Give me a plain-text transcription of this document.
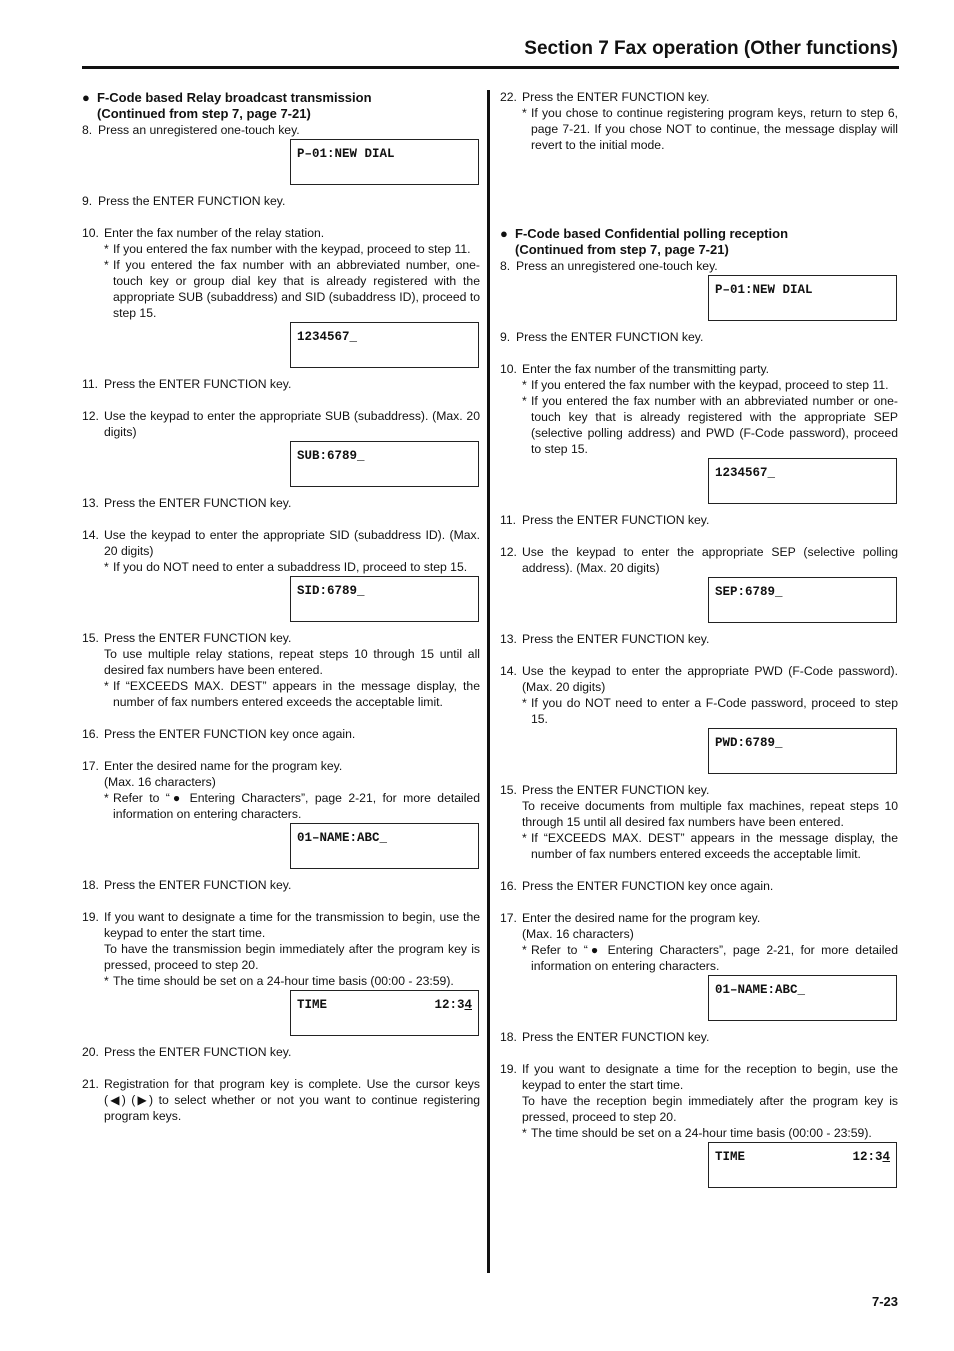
Section 7 Fax operation (Other functions)
● F-Code based Relay broadcast transmission
(Continued from step 7, page 7-21)
8. Press an unregistered one-touch key.
P–01:NEW DIAL
9. Press the ENTER FUNCTION key.
10. Enter the fax number of the relay station.
* If you entered the fax number with the keypad, proceed to step 11.
* If you entered the fax number with an abbreviated number, one-touch key or group dial key that is already registered with the appropriate SUB (subaddress) and SID (subaddress ID), proceed to step 15.
1234567_
11. Press the ENTER FUNCTION key.
12. Use the keypad to enter the appropriate SUB (subaddress). (Max. 20 digits)
SUB:6789_
13. Press the ENTER FUNCTION key.
14. Use the keypad to enter the appropriate SID (subaddress ID). (Max. 20 digits)
* If you do NOT need to enter a subaddress ID, proceed to step 15.
SID:6789_
15. Press the ENTER FUNCTION key.
To use multiple relay stations, repeat steps 10 through 15 until all desired fax numbers have been entered.
* If “EXCEEDS MAX. DEST” appears in the message display, the number of fax numbers entered exceeds the acceptable limit.
16. Press the ENTER FUNCTION key once again.
17. Enter the desired name for the program key.
(Max. 16 characters)
* Refer to “● Entering Characters”, page 2-21, for more detailed information on entering characters.
01–NAME:ABC_
18. Press the ENTER FUNCTION key.
19. If you want to designate a time for the transmission to begin, use the keypad to enter the start time.
To have the transmission begin immediately after the program key is pressed, proceed to step 20.
* The time should be set on a 24-hour time basis (00:00 - 23:59).
TIME	12:34
20. Press the ENTER FUNCTION key.
21. Registration for that program key is complete. Use the cursor keys (◀) (▶) to select whether or not you want to continue registering program keys.
22. Press the ENTER FUNCTION key.
* If you chose to continue registering program keys, return to step 6, page 7-21. If you chose NOT to continue, the message display will revert to the initial mode.
● F-Code based Confidential polling reception
(Continued from step 7, page 7-21)
8. Press an unregistered one-touch key.
P–01:NEW DIAL
9. Press the ENTER FUNCTION key.
10. Enter the fax number of the transmitting party.
* If you entered the fax number with the keypad, proceed to step 11.
* If you entered the fax number with an abbreviated number or one-touch key that is already registered with the appropriate SEP (selective polling address) and PWD (F-Code password), proceed to step 15.
1234567_
11. Press the ENTER FUNCTION key.
12. Use the keypad to enter the appropriate SEP (selective polling address). (Max. 20 digits)
SEP:6789_
13. Press the ENTER FUNCTION key.
14. Use the keypad to enter the appropriate PWD (F-Code password). (Max. 20 digits)
* If you do NOT need to enter a F-Code password, proceed to step 15.
PWD:6789_
15. Press the ENTER FUNCTION key.
To receive documents from multiple fax machines, repeat steps 10 through 15 until all desired fax numbers have been entered.
* If “EXCEEDS MAX. DEST” appears in the message display, the number of fax numbers entered exceeds the acceptable limit.
16. Press the ENTER FUNCTION key once again.
17. Enter the desired name for the program key.
(Max. 16 characters)
* Refer to “● Entering Characters”, page 2-21, for more detailed information on entering characters.
01–NAME:ABC_
18. Press the ENTER FUNCTION key.
19. If you want to designate a time for the reception to begin, use the keypad to enter the start time.
To have the reception begin immediately after the program key is pressed, proceed to step 20.
* The time should be set on a 24-hour time basis (00:00 - 23:59).
TIME	12:34
7-23
